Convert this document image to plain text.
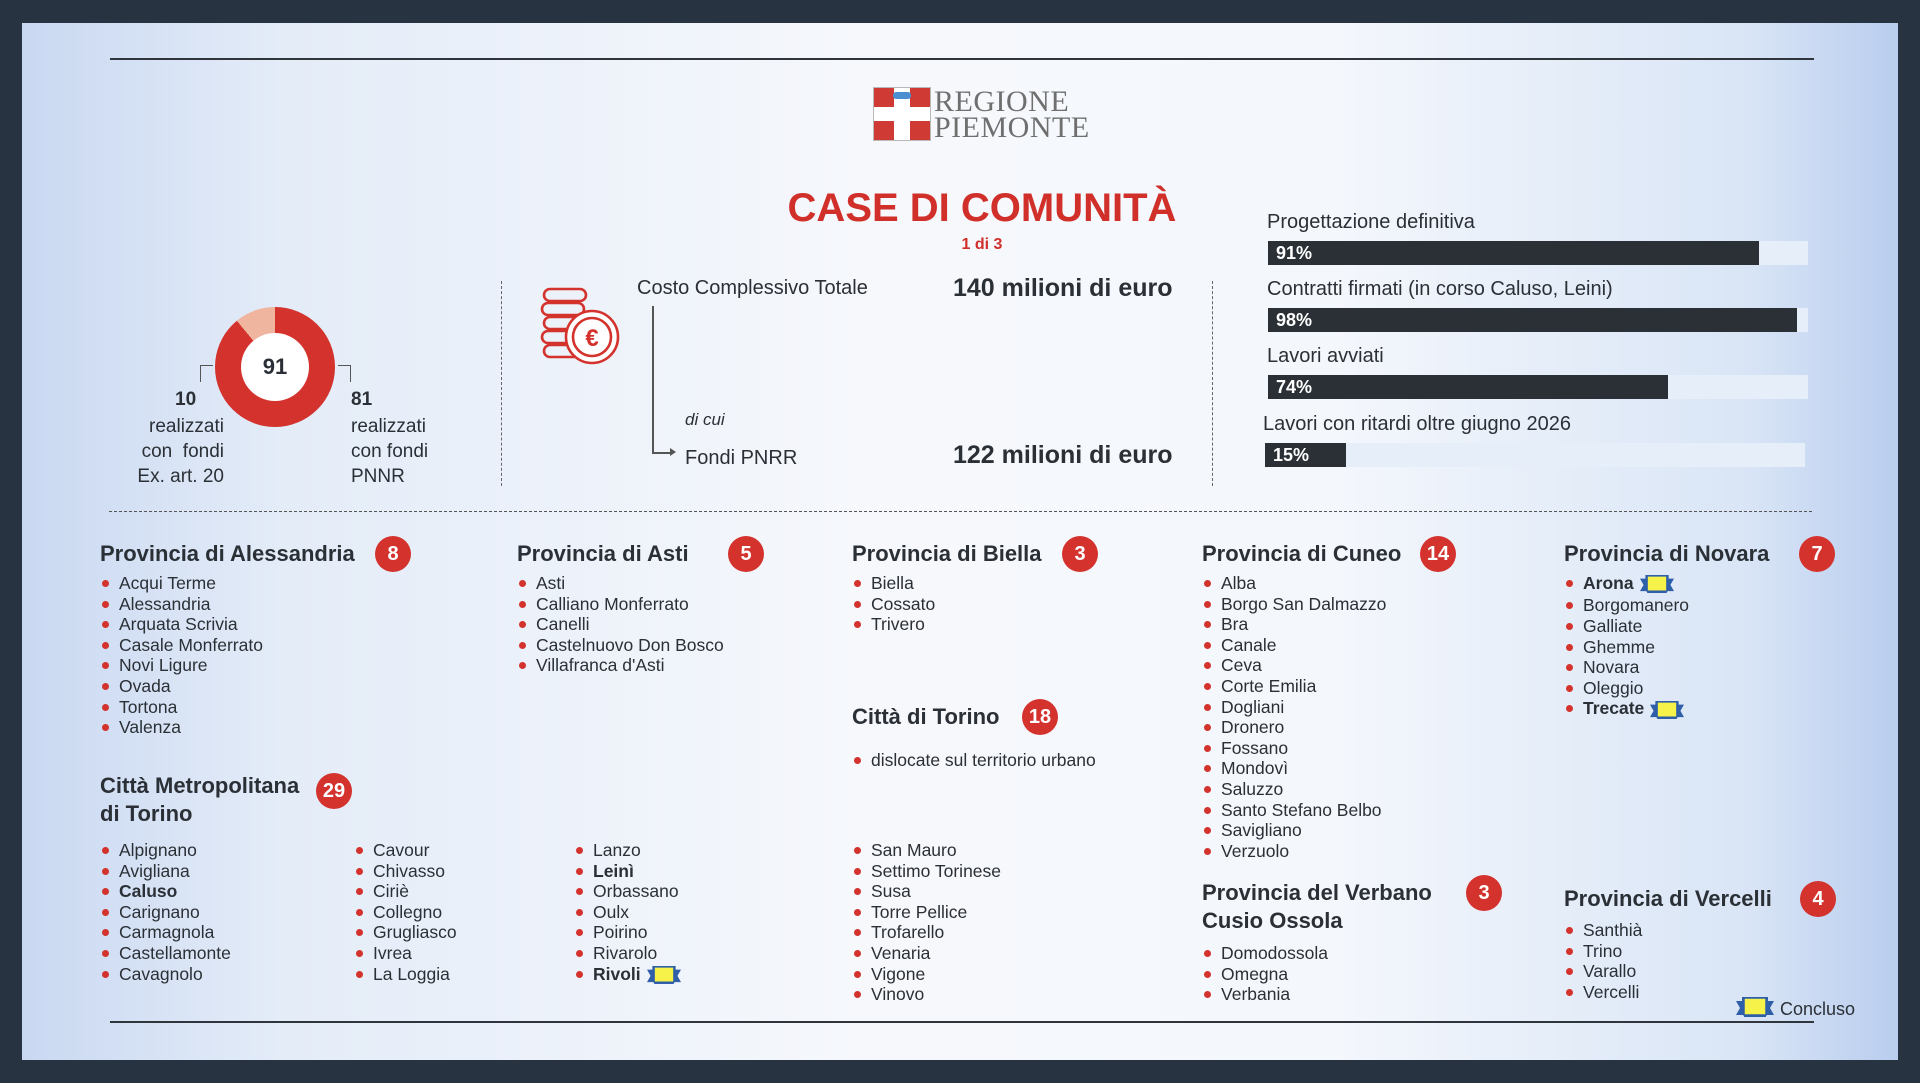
REGIONE
PIEMONTE
CASE DI COMUNITÀ
1 di 3
91
10
realizzati
con  fondi
Ex. art. 20
81
realizzati
con fondi
PNNR
€
Costo Complessivo Totale	140 milioni di euro
di cui
Fondi PNRR	122 milioni di euro
Progettazione definitiva
91%
Contratti firmati (in corso Caluso, Leini)
98%
Lavori avviati
74%
Lavori con ritardi oltre giugno 2026
15%
Provincia di Alessandria	8
Acqui Terme
Alessandria
Arquata Scrivia
Casale Monferrato
Novi Ligure
Ovada
Tortona
Valenza
Provincia di Asti	5
Asti
Calliano Monferrato
Canelli
Castelnuovo Don Bosco
Villafranca d'Asti
Provincia di Biella	3
Biella
Cossato
Trivero
Città di Torino	18
dislocate sul territorio urbano
Provincia di Cuneo	14
Alba
Borgo San Dalmazzo
Bra
Canale
Ceva
Corte Emilia
Dogliani
Dronero
Fossano
Mondovì
Saluzzo
Santo Stefano Belbo
Savigliano
Verzuolo
Provincia di Novara	7
Arona
Borgomanero
Galliate
Ghemme
Novara
Oleggio
Trecate
Città Metropolitana
di Torino
29
Alpignano
Avigliana
Caluso
Carignano
Carmagnola
Castellamonte
Cavagnolo
Cavour
Chivasso
Ciriè
Collegno
Grugliasco
Ivrea
La Loggia
Lanzo
Leinì
Orbassano
Oulx
Poirino
Rivarolo
Rivoli
San Mauro
Settimo Torinese
Susa
Torre Pellice
Trofarello
Venaria
Vigone
Vinovo
Provincia del Verbano
Cusio Ossola
3
Domodossola
Omegna
Verbania
Provincia di Vercelli	4
Santhià
Trino
Varallo
Vercelli
Concluso
